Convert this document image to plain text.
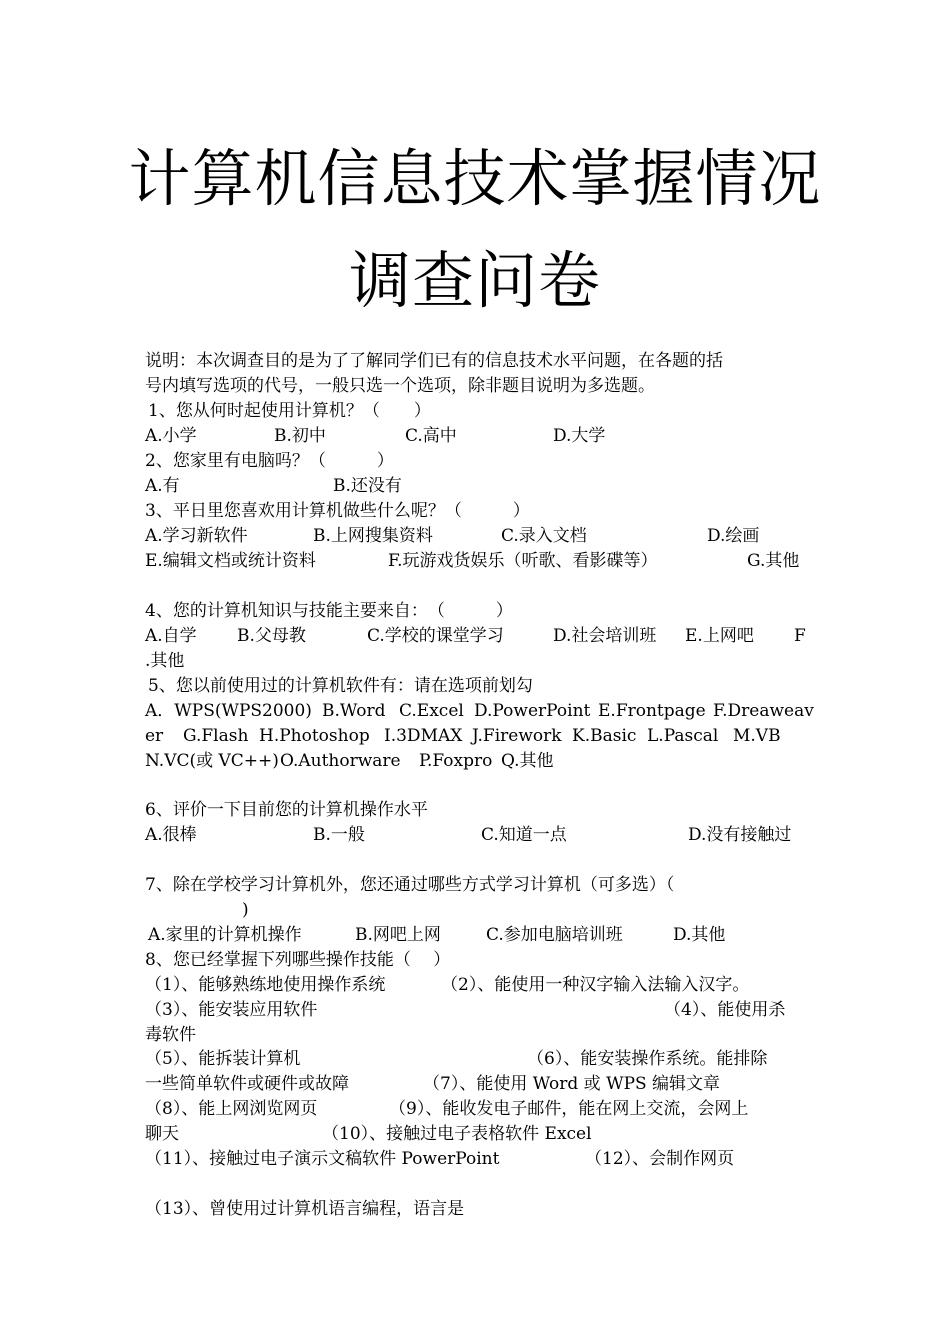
计算机信息技术掌握情况
调查问卷
说明：本次调查目的是为了了解同学们已有的信息技术水平问题，在各题的括
号内填写选项的代号，一般只选一个选项，除非题目说明为多选题。
1、您从何时起使用计算机？（　　）
A.小学	B.初中	C.高中	D.大学
2、您家里有电脑吗？（　　　）
A.有	B.还没有
3、平日里您喜欢用计算机做些什么呢？（　　　）
A.学习新软件	B.上网搜集资料	C.录入文档	D.绘画
E.编辑文档或统计资料	F.玩游戏货娱乐（听歌、看影碟等）	G.其他
4、您的计算机知识与技能主要来自：　（　　　）
A.自学 B.父母教	C.学校的课堂学习	D.社会培训班 E.上网吧 F
.其他
5、您以前使用过的计算机软件有：请在选项前划勾
A．WPS(WPS2000) B.Word C.Excel D.PowerPoint E.Frontpage F.Dreaweav
er G.Flash H.Photoshop I.3DMAX J.Firework K.Basic L.Pascal M.VB
N.VC(或 VC++) O.Authorware P.Foxpro Q.其他
6、评价一下目前您的计算机操作水平
A.很棒	B.一般	C.知道一点	D.没有接触过
7、除在学校学习计算机外，您还通过哪些方式学习计算机（可多选）（
)
A.家里的计算机操作	B.网吧上网	C.参加电脑培训班	D.其他
8、您已经掌握下列哪些操作技能（　 ）
（1）、能够熟练地使用操作系统	（2）、能使用一种汉字输入法输入汉字。
（3）、能安装应用软件	（4）、能使用杀
毒软件
（5）、能拆装计算机	（6）、能安装操作系统。能排除
一些简单软件或硬件或故障	（7）、能使用 Word 或 WPS 编辑文章
（8）、能上网浏览网页	（9）、能收发电子邮件，能在网上交流，会网上
聊天	（10）、接触过电子表格软件 Excel
（11）、接触过电子演示文稿软件 PowerPoint	（12）、会制作网页
（13）、曾使用过计算机语言编程，语言是
